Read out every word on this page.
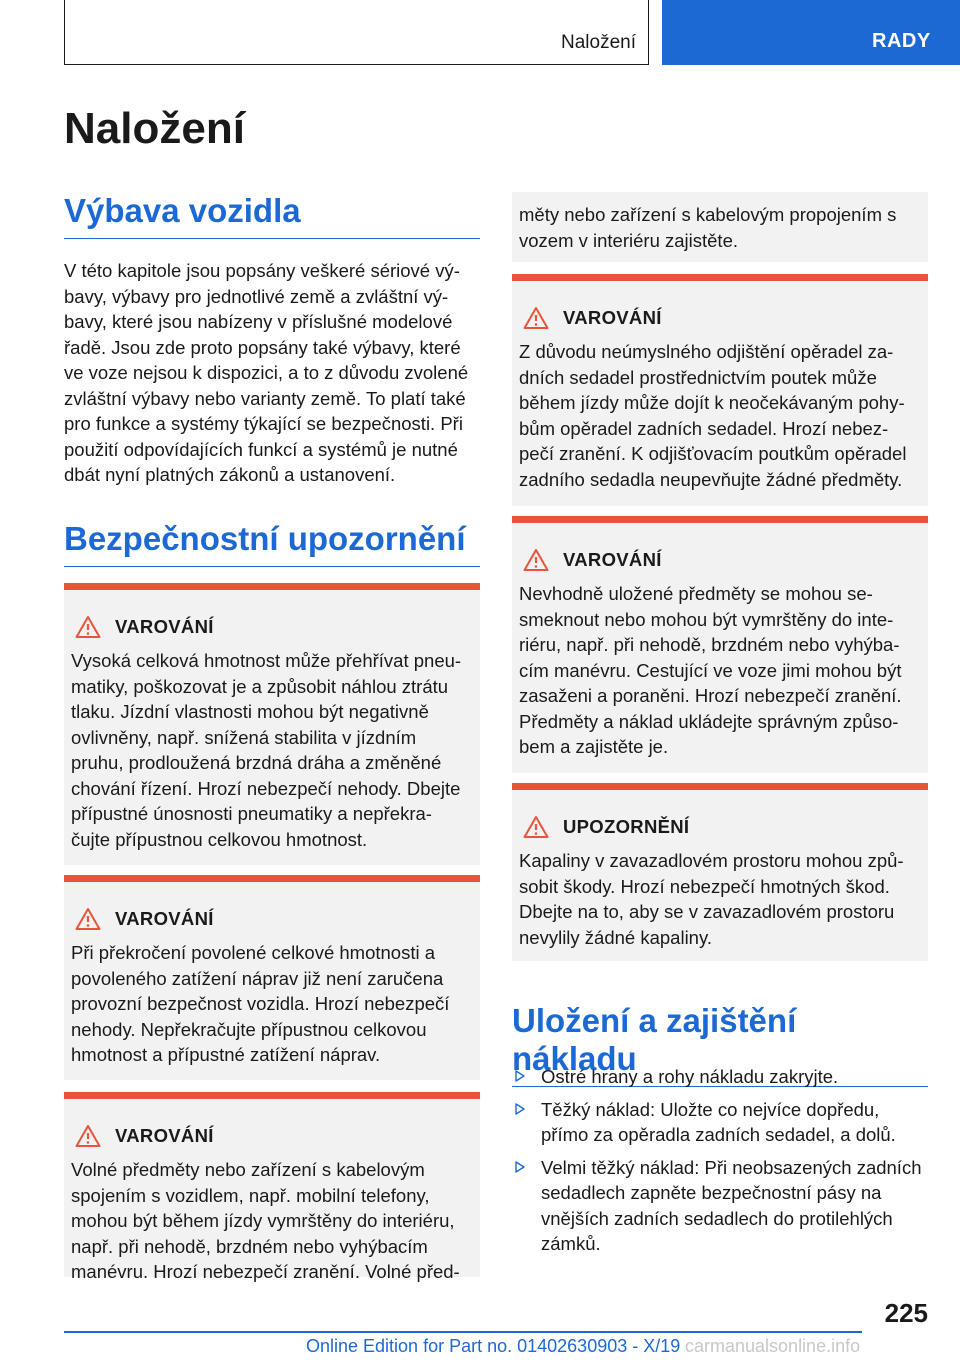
Naložení	RADY
Naložení
Výbava vozidla
V této kapitole jsou popsány veškeré sériové vý-
bavy, výbavy pro jednotlivé země a zvláštní vý-
bavy, které jsou nabízeny v příslušné modelové
řadě. Jsou zde proto popsány také výbavy, které
ve voze nejsou k dispozici, a to z důvodu zvolené
zvláštní výbavy nebo varianty země. To platí také
pro funkce a systémy týkající se bezpečnosti. Při
použití odpovídajících funkcí a systémů je nutné
dbát nyní platných zákonů a ustanovení.
Bezpečnostní upozornění
VAROVÁNÍ
Vysoká celková hmotnost může přehřívat pneu-
matiky, poškozovat je a způsobit náhlou ztrátu
tlaku. Jízdní vlastnosti mohou být negativně
ovlivněny, např. snížená stabilita v jízdním
pruhu, prodloužená brzdná dráha a změněné
chování řízení. Hrozí nebezpečí nehody. Dbejte
přípustné únosnosti pneumatiky a nepřekra-
čujte přípustnou celkovou hmotnost.
VAROVÁNÍ
Při překročení povolené celkové hmotnosti a
povoleného zatížení náprav již není zaručena
provozní bezpečnost vozidla. Hrozí nebezpečí
nehody. Nepřekračujte přípustnou celkovou
hmotnost a přípustné zatížení náprav.
VAROVÁNÍ
Volné předměty nebo zařízení s kabelovým
spojením s vozidlem, např. mobilní telefony,
mohou být během jízdy vymrštěny do interiéru,
např. při nehodě, brzdném nebo vyhýbacím
manévru. Hrozí nebezpečí zranění. Volné před-
měty nebo zařízení s kabelovým propojením s
vozem v interiéru zajistěte.
VAROVÁNÍ
Z důvodu neúmyslného odjištění opěradel za-
dních sedadel prostřednictvím poutek může
během jízdy může dojít k neočekávaným pohy-
bům opěradel zadních sedadel. Hrozí nebez-
pečí zranění. K odjišťovacím poutkům opěradel
zadního sedadla neupevňujte žádné předměty.
VAROVÁNÍ
Nevhodně uložené předměty se mohou se-
smeknout nebo mohou být vymrštěny do inte-
riéru, např. při nehodě, brzdném nebo vyhýba-
cím manévru. Cestující ve voze jimi mohou být
zasaženi a poraněni. Hrozí nebezpečí zranění.
Předměty a náklad ukládejte správným způso-
bem a zajistěte je.
UPOZORNĚNÍ
Kapaliny v zavazadlovém prostoru mohou způ-
sobit škody. Hrozí nebezpečí hmotných škod.
Dbejte na to, aby se v zavazadlovém prostoru
nevylily žádné kapaliny.
Uložení a zajištění nákladu
Ostré hrany a rohy nákladu zakryjte.
Těžký náklad: Uložte co nejvíce dopředu,
přímo za opěradla zadních sedadel, a dolů.
Velmi těžký náklad: Při neobsazených zadních
sedadlech zapněte bezpečnostní pásy na
vnějších zadních sedadlech do protilehlých
zámků.
225
Online Edition for Part no. 01402630903 - X/19 carmanualsonline.info
